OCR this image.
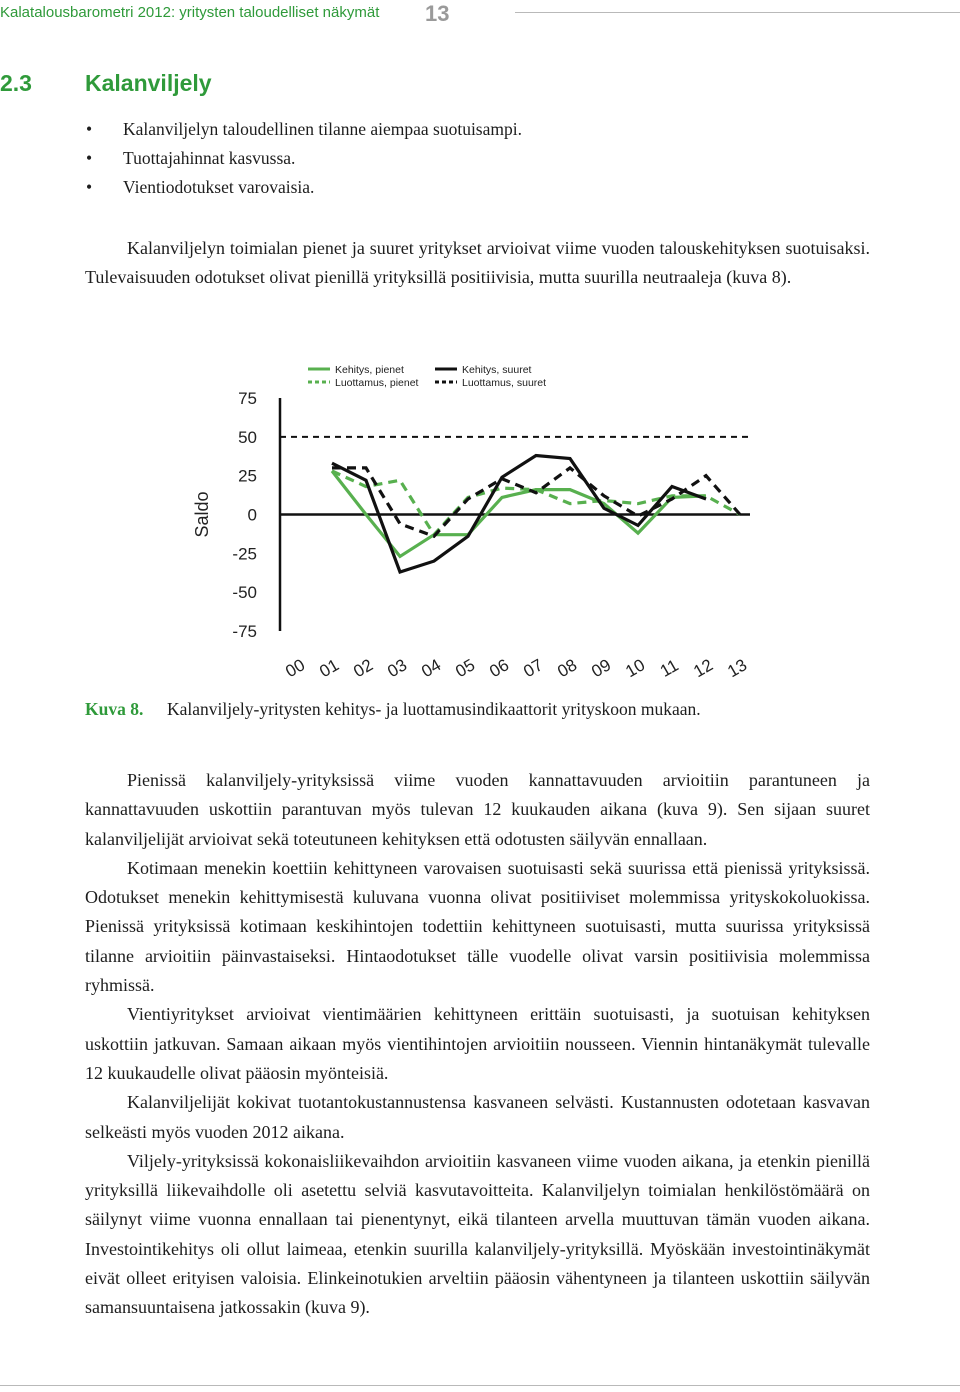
Kalatalousbarometri 2012: yritysten taloudelliset näkymät 13
2.3 Kalanviljely
• Kalanviljelyn taloudellinen tilanne aiempaa suotuisampi.
• Tuottajahinnat kasvussa.
• Vientiodotukset varovaisia.

Kalanviljelyn toimialan pienet ja suuret yritykset arvioivat viime vuoden talouskehityksen suotuisaksi. Tulevaisuuden odotukset olivat pienillä yrityksillä positiivisia, mutta suurilla neutraaleja (kuva 8).

75
50
25
0
-25
-50
-75
Saldo
00 01 02 03 04 05 06 07 08 09 10 11 12 13
Kehitys, pienet
Luottamus, pienet
Kehitys, suuret
Luottamus, suuret
Kuva 8. Kalanviljely-yritysten kehitys- ja luottamusindikaattorit yrityskoon mukaan.
Pienissä kalanviljely-yrityksissä viime vuoden kannattavuuden arvioitiin parantuneen ja kannattavuuden uskottiin parantuvan myös tulevan 12 kuukauden aikana (kuva 9). Sen sijaan suuret kalanviljelijät arvioivat sekä toteutuneen kehityksen että odotusten säilyvän ennallaan.
Kotimaan menekin koettiin kehittyneen varovaisen suotuisasti sekä suurissa että pienissä yrityksissä. Odotukset menekin kehittymisestä kuluvana vuonna olivat positiiviset molemmissa yrityskokoluokissa. Pienissä yrityksissä kotimaan keskihintojen todettiin kehittyneen suotuisasti, mutta suurissa yrityksissä tilanne arvioitiin päinvastaiseksi. Hintaodotukset tälle vuodelle olivat varsin positiivisia molemmissa ryhmissä.
Vientiyritykset arvioivat vientimäärien kehittyneen erittäin suotuisasti, ja suotuisan kehityksen uskottiin jatkuvan. Samaan aikaan myös vientihintojen arvioitiin nousseen. Viennin hintanäkymät tulevalle 12 kuukaudelle olivat pääosin myönteisiä.
Kalanviljelijät kokivat tuotantokustannustensa kasvaneen selvästi. Kustannusten odotetaan kasvavan selkeästi myös vuoden 2012 aikana.
Viljely-yrityksissä kokonaisliikevaihdon arvioitiin kasvaneen viime vuoden aikana, ja etenkin pienillä yrityksillä liikevaihdolle oli asetettu selviä kasvutavoitteita. Kalanviljelyn toimialan henkilöstömäärä on säilynyt viime vuonna ennallaan tai pienentynyt, eikä tilanteen arvella muuttuvan tämän vuoden aikana. Investointikehitys oli ollut laimeaa, etenkin suurilla kalanviljely-yrityksillä. Myöskään investointinäkymät eivät olleet erityisen valoisia. Elinkeinotukien arveltiin pääosin vähentyneen ja tilanteen uskottiin säilyvän samansuuntaisena jatkossakin (kuva 9).
